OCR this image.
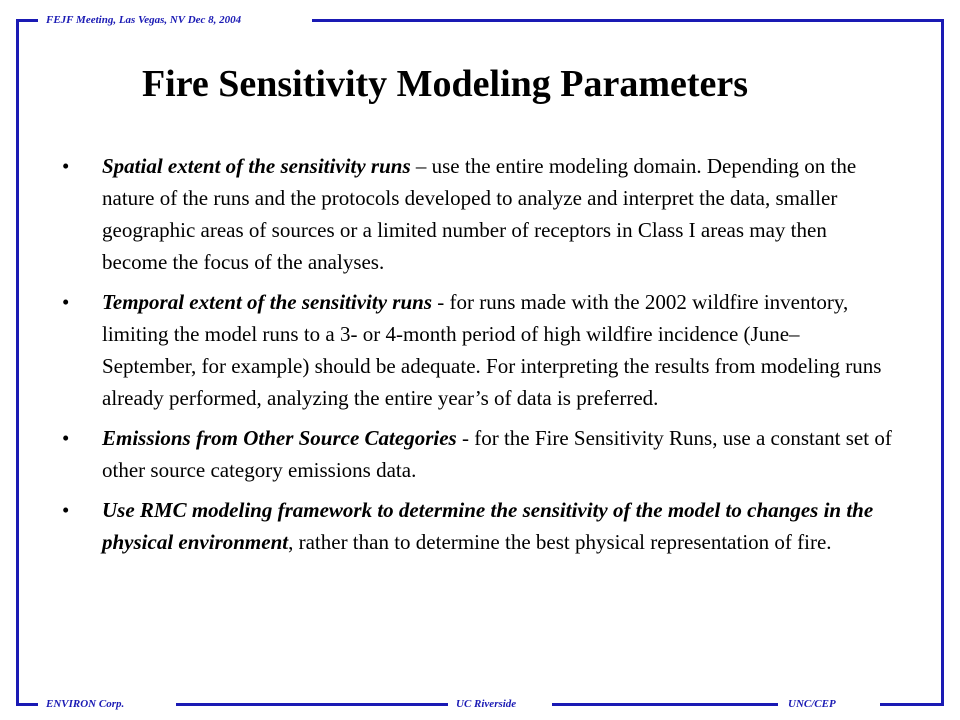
FEJF Meeting, Las Vegas, NV Dec 8, 2004
Fire Sensitivity Modeling Parameters
•	Spatial extent of the sensitivity runs – use the entire modeling domain. Depending on the nature of the runs and the protocols developed to analyze and interpret the data, smaller geographic areas of sources or a limited number of receptors in Class I areas may then become the focus of the analyses.
•	Temporal extent of the sensitivity runs - for runs made with the 2002 wildfire inventory, limiting the model runs to a 3- or 4-month period of high wildfire incidence (June–September, for example) should be adequate. For interpreting the results from modeling runs already performed, analyzing the entire year’s of data is preferred.
•	Emissions from Other Source Categories - for the Fire Sensitivity Runs, use a constant set of other source category emissions data.
•	Use RMC modeling framework to determine the sensitivity of the model to changes in the physical environment, rather than to determine the best physical representation of fire.
ENVIRON Corp.	UC Riverside	UNC/CEP
